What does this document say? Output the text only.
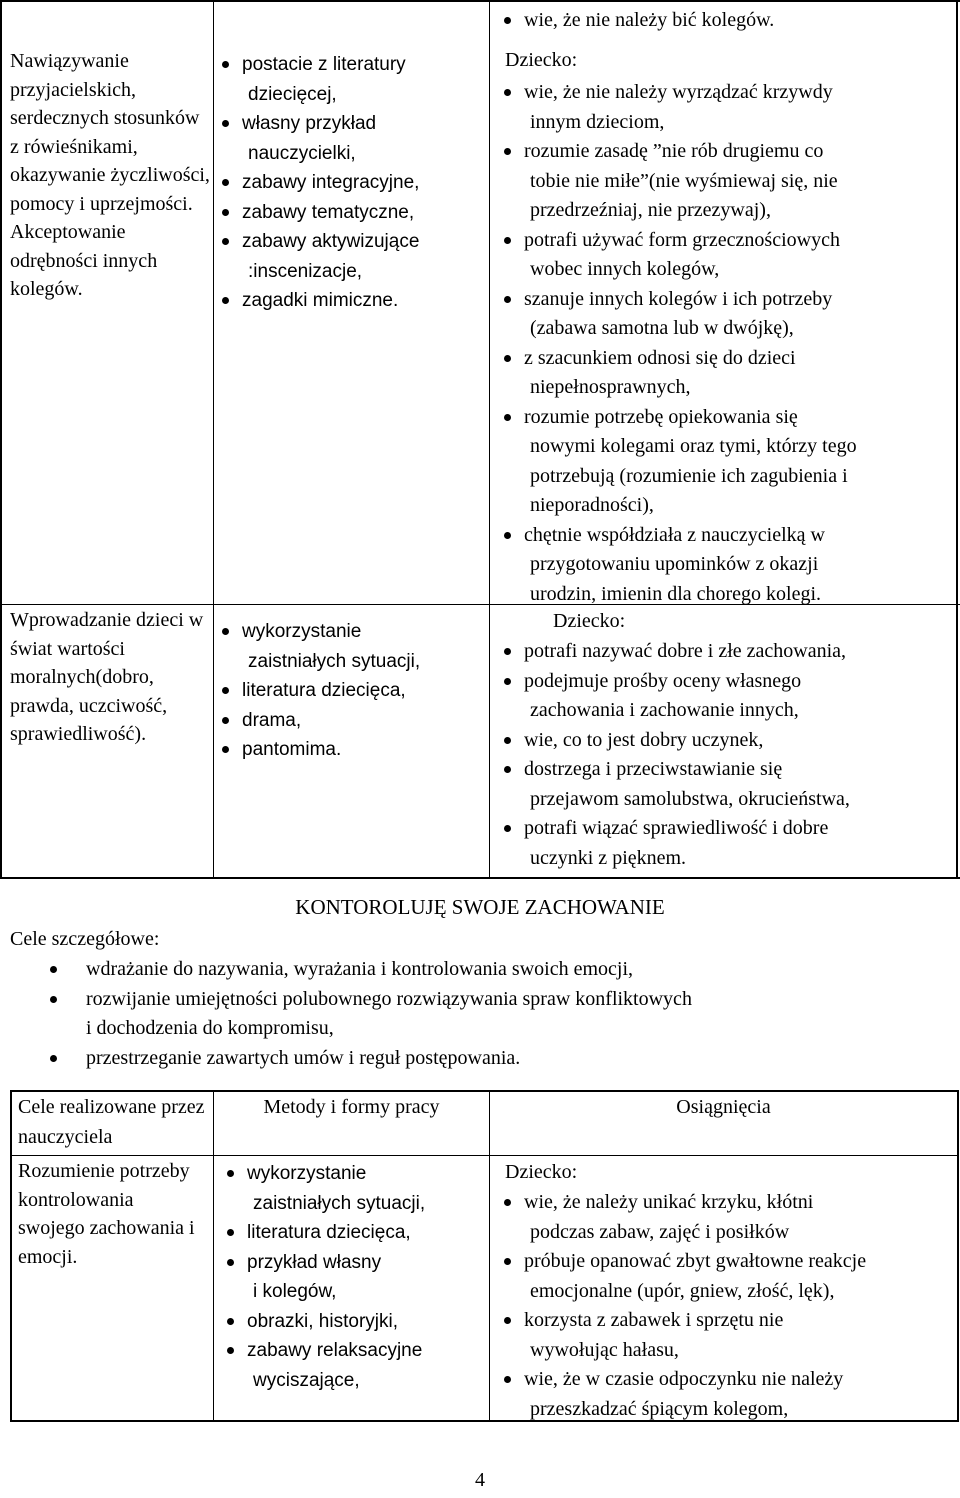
Nawiązywanie przyjacielskich, serdecznych stosunków z rówieśnikami, okazywanie życzliwości, pomocy i uprzejmości. Akceptowanie odrębności innych kolegów.
postacie z literatury
dziecięcej,
własny przykład
nauczycielki,
zabawy integracyjne,
zabawy tematyczne,
zabawy aktywizujące
:inscenizacje,
zagadki mimiczne.
wie, że nie należy bić kolegów.
Dziecko:
wie, że nie należy wyrządzać krzywdy
innym dzieciom,
rozumie zasadę ”nie rób drugiemu co
tobie nie miłe”(nie wyśmiewaj się, nie
przedrzeźniaj, nie przezywaj),
potrafi używać form grzecznościowych
wobec innych kolegów,
szanuje innych kolegów i ich potrzeby
(zabawa samotna lub w dwójkę),
z szacunkiem odnosi się do dzieci
niepełnosprawnych,
rozumie potrzebę opiekowania się
nowymi kolegami oraz tymi, którzy tego
potrzebują (rozumienie ich zagubienia i
nieporadności),
chętnie współdziała z nauczycielką w
przygotowaniu upominków z okazji
urodzin, imienin dla chorego kolegi.
Wprowadzanie dzieci w świat wartości moralnych(dobro, prawda, uczciwość, sprawiedliwość).
wykorzystanie
zaistniałych sytuacji,
literatura dziecięca,
drama,
pantomima.
Dziecko:
potrafi nazywać dobre i złe zachowania,
podejmuje prośby oceny własnego
zachowania i zachowanie innych,
wie, co to jest dobry uczynek,
dostrzega i przeciwstawianie się
przejawom samolubstwa, okrucieństwa,
potrafi wiązać sprawiedliwość i dobre
uczynki z pięknem.
KONTOROLUJĘ SWOJE ZACHOWANIE
Cele szczegółowe:
wdrażanie do nazywania, wyrażania i kontrolowania swoich emocji,
rozwijanie umiejętności polubownego rozwiązywania spraw konfliktowych
i dochodzenia do kompromisu,
przestrzeganie zawartych umów i reguł postępowania.
Cele realizowane przez nauczyciela
Metody i formy pracy	Osiągnięcia
Rozumienie potrzeby kontrolowania swojego zachowania i emocji.
wykorzystanie
zaistniałych sytuacji,
literatura dziecięca,
przykład własny
i kolegów,
obrazki, historyjki,
zabawy relaksacyjne
wyciszające,
Dziecko:
wie, że należy unikać krzyku, kłótni
podczas zabaw, zajęć i posiłków
próbuje opanować zbyt gwałtowne reakcje
emocjonalne (upór, gniew, złość, lęk),
korzysta z zabawek i sprzętu nie
wywołując hałasu,
wie, że w czasie odpoczynku nie należy
przeszkadzać śpiącym kolegom,
4
